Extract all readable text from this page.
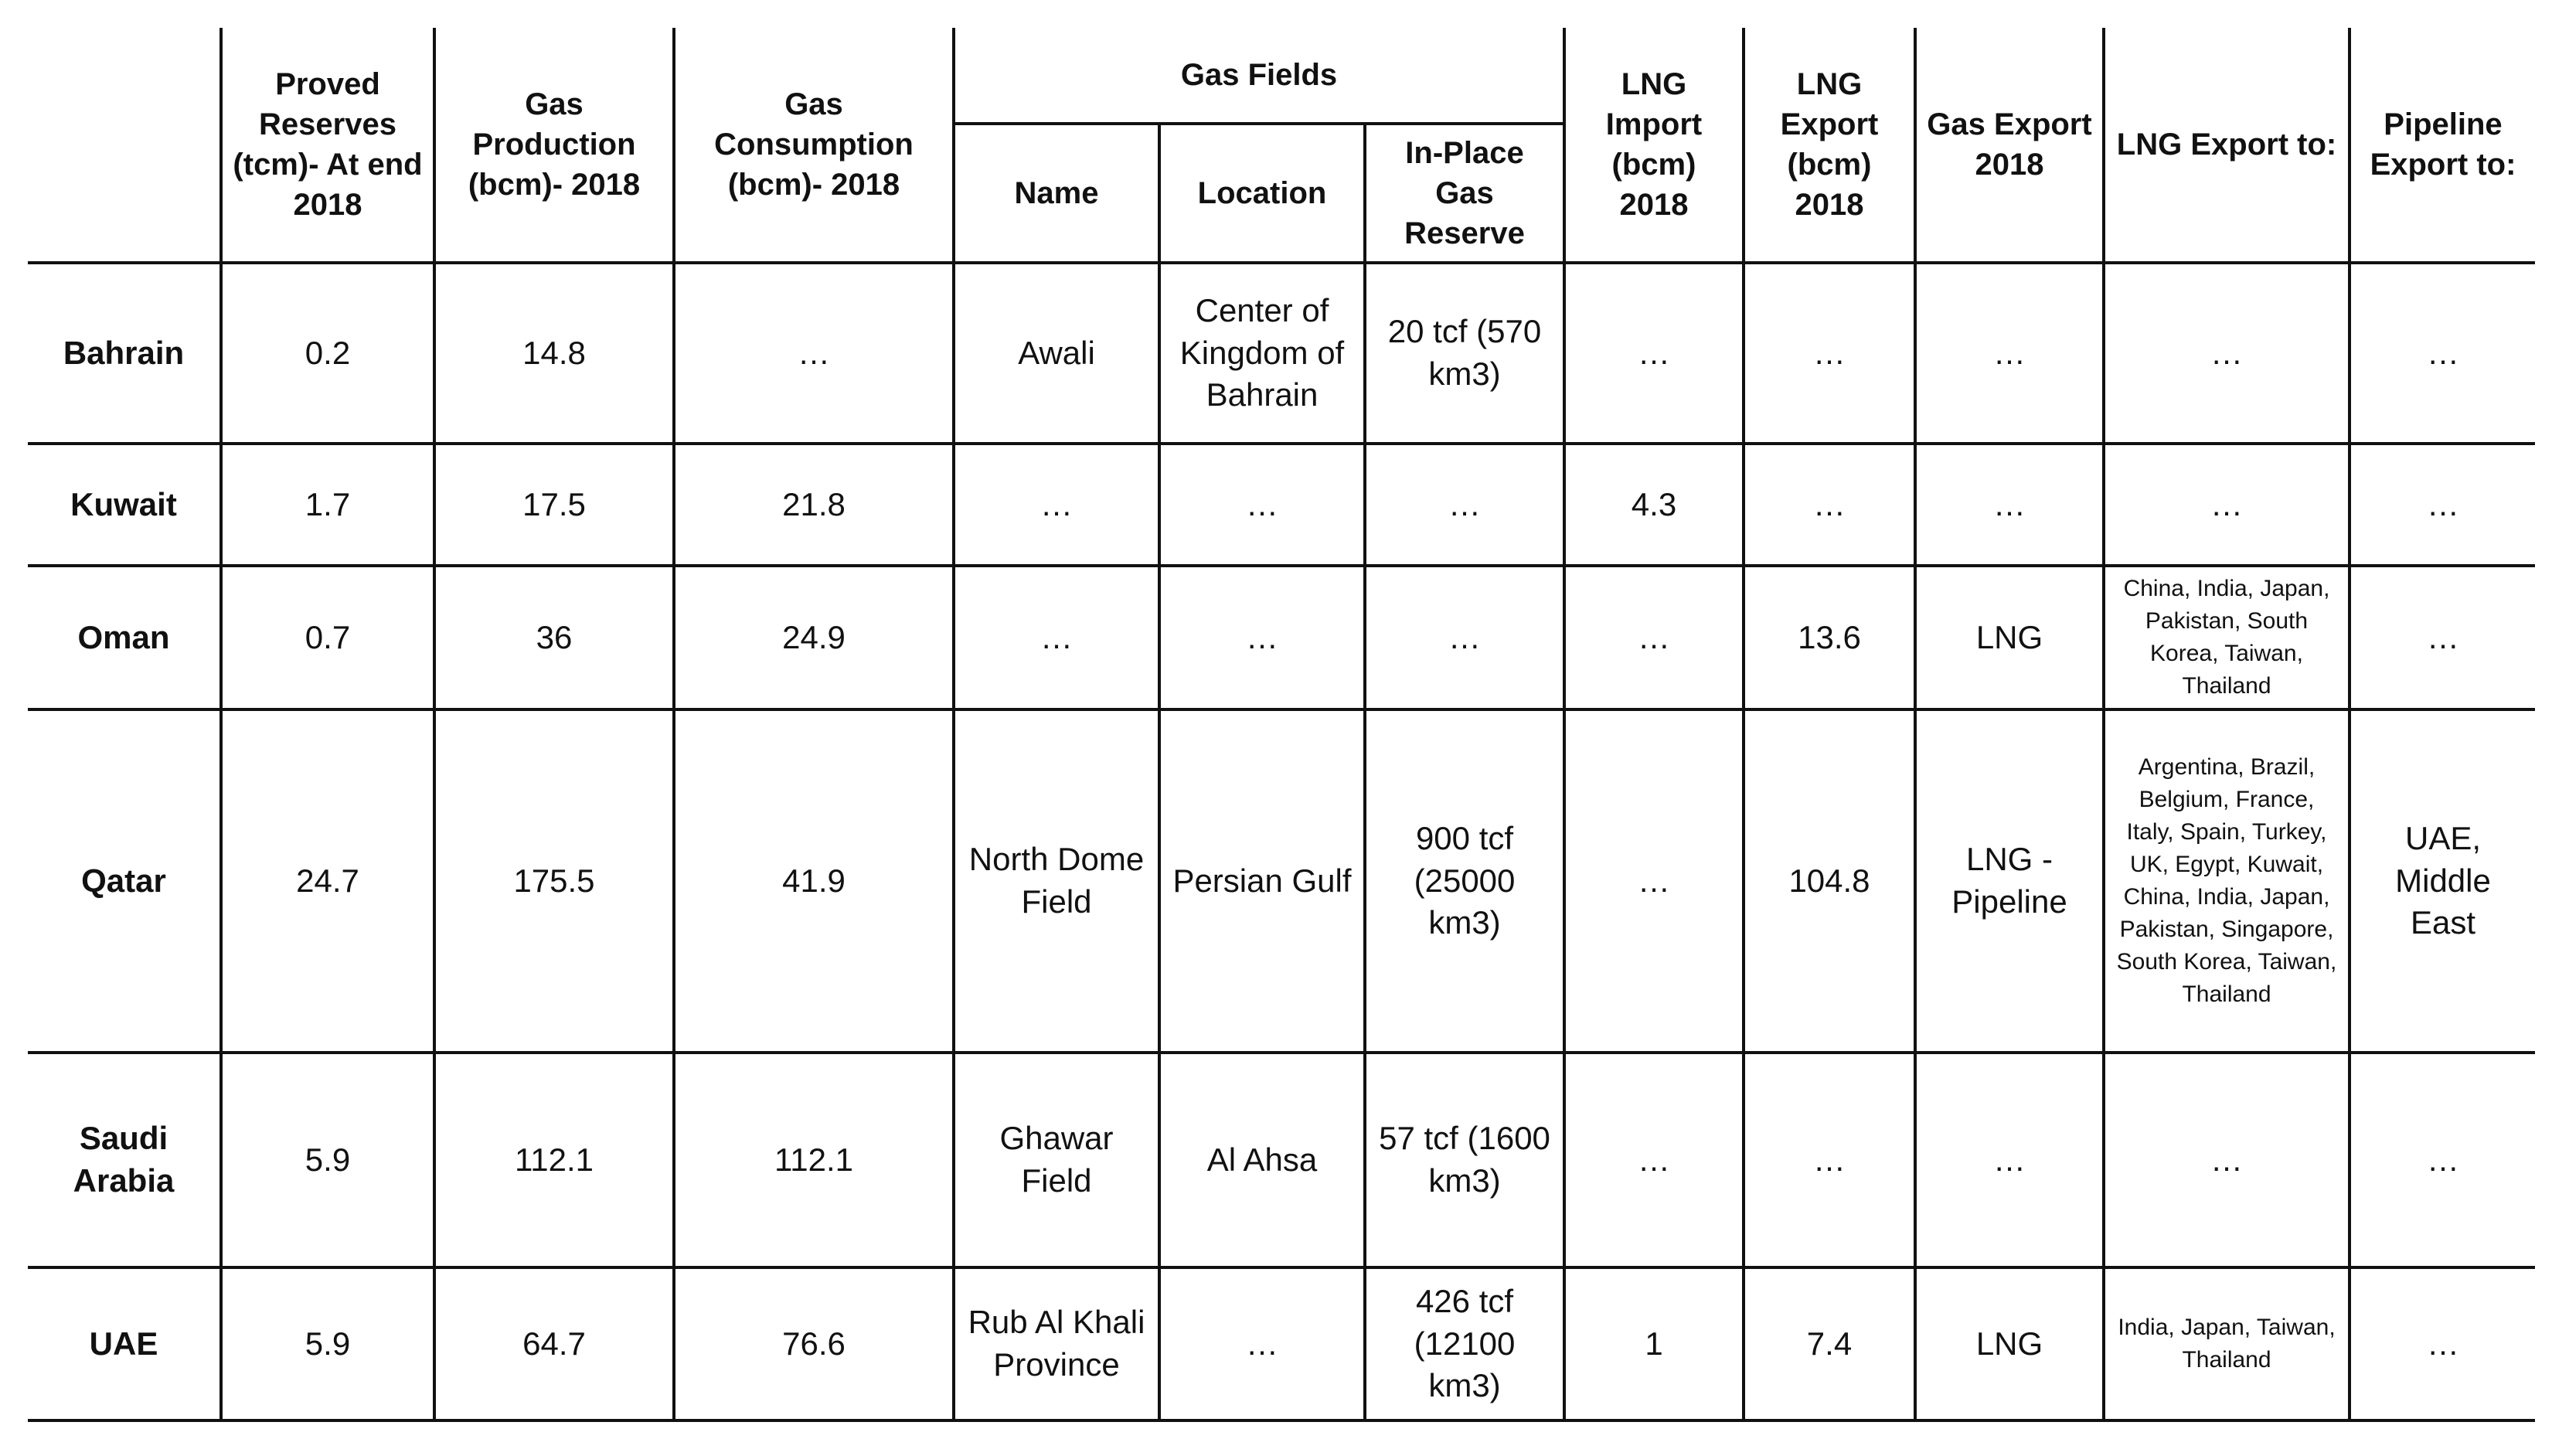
	Proved Reserves (tcm)- At end 2018	Gas Production (bcm)- 2018	Gas Consumption (bcm)- 2018	Gas Fields			LNG Import (bcm) 2018	LNG Export (bcm) 2018	Gas Export 2018	LNG Export to:	Pipeline Export to:
				Name	Location	In-Place Gas Reserve					
Bahrain	0.2	14.8	…	Awali	Center of Kingdom of Bahrain	20 tcf (570 km3)	…	…	…	…	…
Kuwait	1.7	17.5	21.8	…	…	…	4.3	…	…	…	…
Oman	0.7	36	24.9	…	…	…	…	13.6	LNG	China, India, Japan, Pakistan, South Korea, Taiwan, Thailand	…
Qatar	24.7	175.5	41.9	North Dome Field	Persian Gulf	900 tcf (25000 km3)	…	104.8	LNG - Pipeline	Argentina, Brazil, Belgium, France, Italy, Spain, Turkey, UK, Egypt, Kuwait, China, India, Japan, Pakistan, Singapore, South Korea, Taiwan, Thailand	UAE, Middle East
Saudi Arabia	5.9	112.1	112.1	Ghawar Field	Al Ahsa	57 tcf (1600 km3)	…	…	…	…	…
UAE	5.9	64.7	76.6	Rub Al Khali Province	…	426 tcf (12100 km3)	1	7.4	LNG	India, Japan, Taiwan, Thailand	…
